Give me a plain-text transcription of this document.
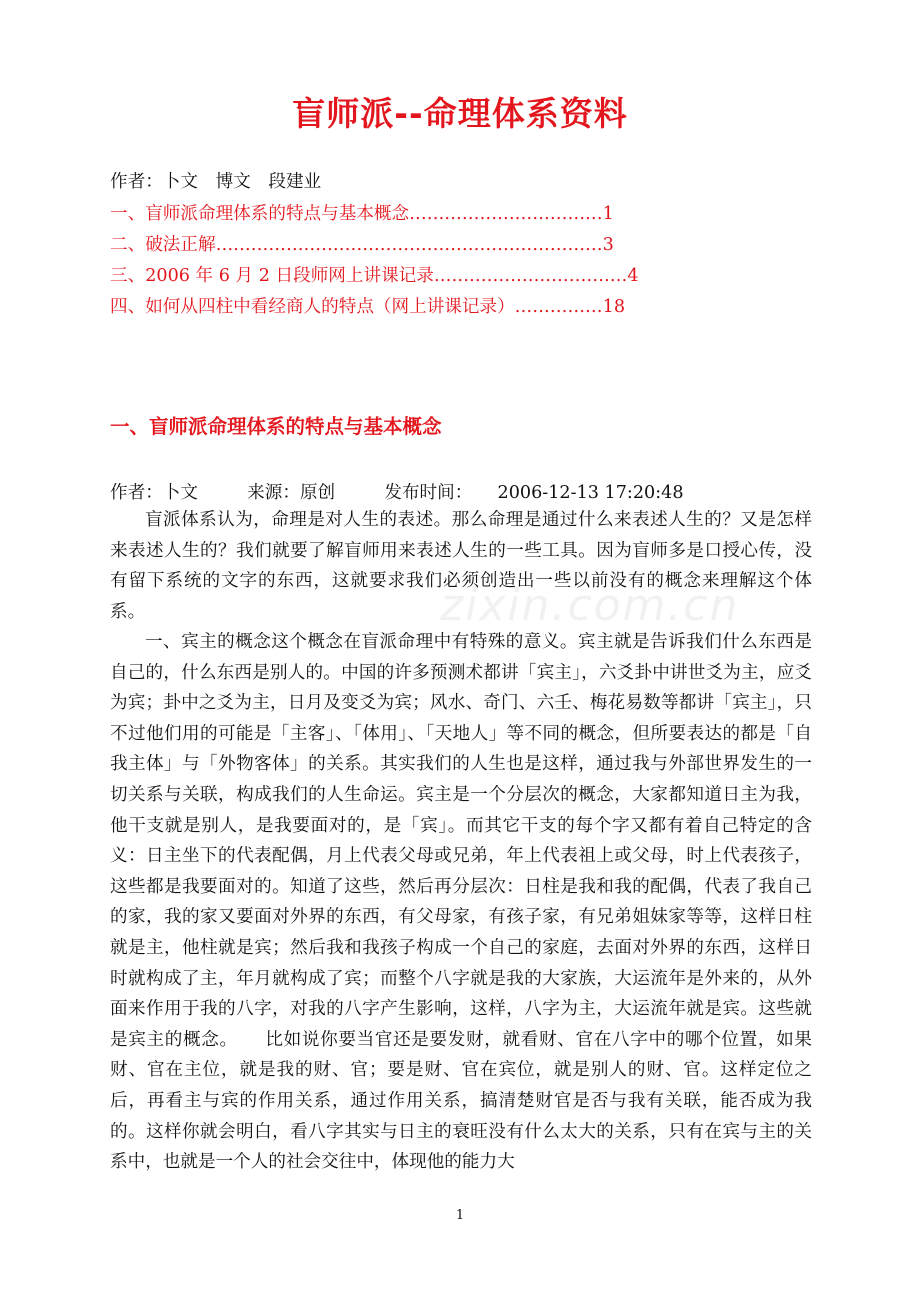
盲师派--命理体系资料
作者：卜文　博文　段建业
一、盲师派命理体系的特点与基本概念……………………………1
二、破法正解…………………………………………………………3
三、2006 年 6 月 2 日段师网上讲课记录……………………………4
四、如何从四柱中看经商人的特点（网上讲课记录）……………18
一、盲师派命理体系的特点与基本概念
作者：卜文	来源：原创	发布时间： 2006-12-13 17:20:48
zixin.com.cn
盲派体系认为，命理是对人生的表述。那么命理是通过什么来表述人生的？又是怎样来表述人生的？我们就要了解盲师用来表述人生的一些工具。因为盲师多是口授心传，没有留下系统的文字的东西，这就要求我们必须创造出一些以前没有的概念来理解这个体系。
一、宾主的概念这个概念在盲派命理中有特殊的意义。宾主就是告诉我们什么东西是自己的，什么东西是别人的。中国的许多预测术都讲「宾主」，六爻卦中讲世爻为主，应爻为宾；卦中之爻为主，日月及变爻为宾；风水、奇门、六壬、梅花易数等都讲「宾主」，只不过他们用的可能是「主客」、「体用」、「天地人」等不同的概念，但所要表达的都是「自我主体」与「外物客体」的关系。其实我们的人生也是这样，通过我与外部世界发生的一切关系与关联，构成我们的人生命运。宾主是一个分层次的概念，大家都知道日主为我，他干支就是别人，是我要面对的，是「宾」。而其它干支的每个字又都有着自己特定的含义：日主坐下的代表配偶，月上代表父母或兄弟，年上代表祖上或父母，时上代表孩子，这些都是我要面对的。知道了这些，然后再分层次：日柱是我和我的配偶，代表了我自己的家，我的家又要面对外界的东西，有父母家，有孩子家，有兄弟姐妹家等等，这样日柱就是主，他柱就是宾；然后我和我孩子构成一个自己的家庭，去面对外界的东西，这样日时就构成了主，年月就构成了宾；而整个八字就是我的大家族，大运流年是外来的，从外面来作用于我的八字，对我的八字产生影响，这样，八字为主，大运流年就是宾。这些就是宾主的概念。　　比如说你要当官还是要发财，就看财、官在八字中的哪个位置，如果财、官在主位，就是我的财、官；要是财、官在宾位，就是别人的财、官。这样定位之后，再看主与宾的作用关系，通过作用关系，搞清楚财官是否与我有关联，能否成为我的。这样你就会明白，看八字其实与日主的衰旺没有什么太大的关系，只有在宾与主的关系中，也就是一个人的社会交往中，体现他的能力大
1
